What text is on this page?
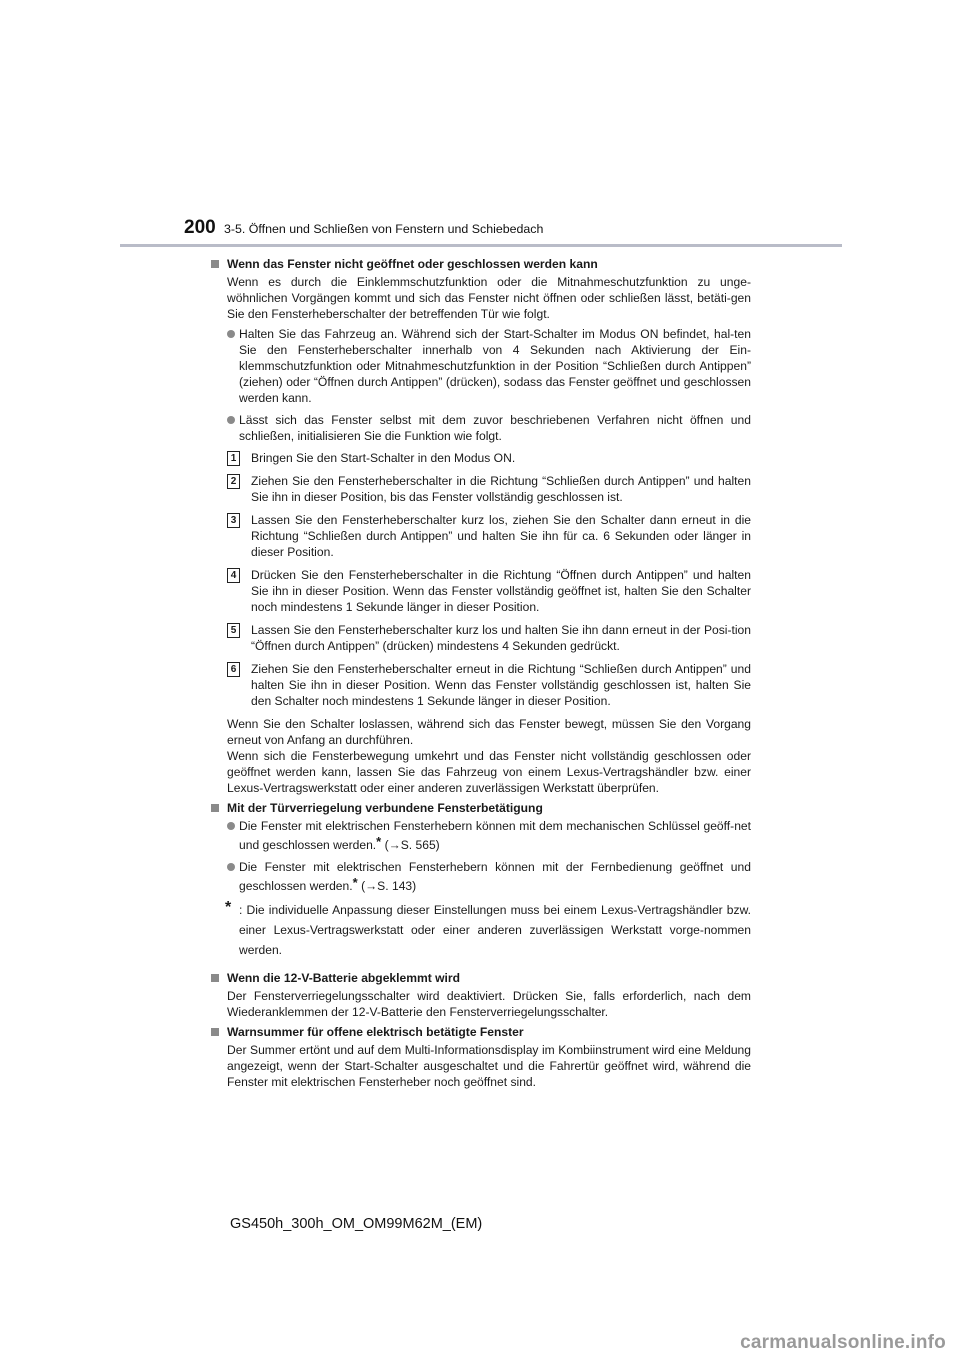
200 3-5. Öffnen und Schließen von Fenstern und Schiebedach
Wenn das Fenster nicht geöffnet oder geschlossen werden kann
Wenn es durch die Einklemmschutzfunktion oder die Mitnahmeschutzfunktion zu unge-wöhnlichen Vorgängen kommt und sich das Fenster nicht öffnen oder schließen lässt, betäti-gen Sie den Fensterheberschalter der betreffenden Tür wie folgt.
Halten Sie das Fahrzeug an. Während sich der Start-Schalter im Modus ON befindet, hal-ten Sie den Fensterheberschalter innerhalb von 4 Sekunden nach Aktivierung der Ein-klemmschutzfunktion oder Mitnahmeschutzfunktion in der Position “Schließen durch Antippen” (ziehen) oder “Öffnen durch Antippen” (drücken), sodass das Fenster geöffnet und geschlossen werden kann.
Lässt sich das Fenster selbst mit dem zuvor beschriebenen Verfahren nicht öffnen und schließen, initialisieren Sie die Funktion wie folgt.
1	Bringen Sie den Start-Schalter in den Modus ON.
2	Ziehen Sie den Fensterheberschalter in die Richtung “Schließen durch Antippen” und halten Sie ihn in dieser Position, bis das Fenster vollständig geschlossen ist.
3	Lassen Sie den Fensterheberschalter kurz los, ziehen Sie den Schalter dann erneut in die Richtung “Schließen durch Antippen” und halten Sie ihn für ca. 6 Sekunden oder länger in dieser Position.
4	Drücken Sie den Fensterheberschalter in die Richtung “Öffnen durch Antippen” und halten Sie ihn in dieser Position. Wenn das Fenster vollständig geöffnet ist, halten Sie den Schalter noch mindestens 1 Sekunde länger in dieser Position.
5	Lassen Sie den Fensterheberschalter kurz los und halten Sie ihn dann erneut in der Posi-tion “Öffnen durch Antippen” (drücken) mindestens 4 Sekunden gedrückt.
6	Ziehen Sie den Fensterheberschalter erneut in die Richtung “Schließen durch Antippen” und halten Sie ihn in dieser Position. Wenn das Fenster vollständig geschlossen ist, halten Sie den Schalter noch mindestens 1 Sekunde länger in dieser Position.
Wenn Sie den Schalter loslassen, während sich das Fenster bewegt, müssen Sie den Vorgang erneut von Anfang an durchführen.
Wenn sich die Fensterbewegung umkehrt und das Fenster nicht vollständig geschlossen oder geöffnet werden kann, lassen Sie das Fahrzeug von einem Lexus-Vertragshändler bzw. einer Lexus-Vertragswerkstatt oder einer anderen zuverlässigen Werkstatt überprüfen.
Mit der Türverriegelung verbundene Fensterbetätigung
Die Fenster mit elektrischen Fensterhebern können mit dem mechanischen Schlüssel geöff-net und geschlossen werden.* (→S. 565)
Die Fenster mit elektrischen Fensterhebern können mit der Fernbedienung geöffnet und geschlossen werden.* (→S. 143)
* : Die individuelle Anpassung dieser Einstellungen muss bei einem Lexus-Vertragshändler bzw. einer Lexus-Vertragswerkstatt oder einer anderen zuverlässigen Werkstatt vorge-nommen werden.
Wenn die 12-V-Batterie abgeklemmt wird
Der Fensterverriegelungsschalter wird deaktiviert. Drücken Sie, falls erforderlich, nach dem Wiederanklemmen der 12-V-Batterie den Fensterverriegelungsschalter.
Warnsummer für offene elektrisch betätigte Fenster
Der Summer ertönt und auf dem Multi-Informationsdisplay im Kombiinstrument wird eine Meldung angezeigt, wenn der Start-Schalter ausgeschaltet und die Fahrertür geöffnet wird, während die Fenster mit elektrischen Fensterheber noch geöffnet sind.
GS450h_300h_OM_OM99M62M_(EM)
carmanualsonline.info
